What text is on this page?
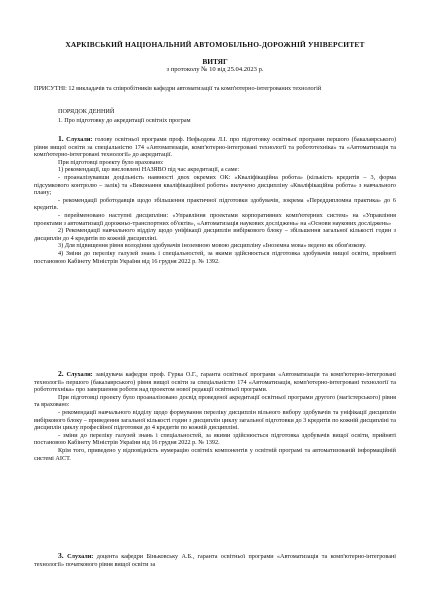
ХАРКІВСЬКИЙ НАЦІОНАЛЬНИЙ АВТОМОБІЛЬНО-ДОРОЖНІЙ УНІВЕРСИТЕТ
ВИТЯГ
з протоколу № 10 від 25.04.2023 р.

ПРИСУТНІ: 12 викладачів та співробітників кафедри автоматизації та комп'ютерно-інтегрованих технологій

ПОРЯДОК ДЕННИЙ

1. Про підготовку до акредитації освітніх програм

1. Слухали: голову освітньої програми проф. Нефьодова Л.І. про підготовку освітньої програми першого (бакалаврського) рівня вищої освіти за спеціальністю 174 «Автоматизація, комп'ютерно-інтегровані технології та робототехніка» та «Автоматизація та комп'ютерно-інтегровані технології» до акредитації.

При підготовці проекту було враховано:

1) рекомендації, що висловлені НАЗЯВО під час акредитації, а саме:

- проаналізувавши доцільність наявності двох окремих ОК: «Кваліфікаційна робота» (кількість кредитів – 3, форма підсумкового контролю – залік) та «Виконання кваліфікаційної роботи» вилучено дисципліну «Кваліфікаційна робота» з навчального плану;

- рекомендації роботодавців щодо збільшення практичної підготовки здобувачів, зокрема «Переддипломна практика» до 6 кредитів.

- перейменовано наступні дисципліни: «Управління проектами корпоративних комп'ютерних систем» на «Управління проектами з автоматизації дорожньо-транспортних об'єктів», «Автоматизація наукових досліджень» на «Основи наукових досліджень»

2) Рекомендації навчального відділу щодо уніфікації дисциплін вибіркового блоку – збільшення загальної кількості годин з дисциплін до 4 кредитів по кожній дисципліні.

3) Для підвищення рівня володіння здобувачів іноземною мовою дисципліну «Іноземна мова» ведено як обов'язкову.

4) Зміни до переліку галузей знань і спеціальностей, за якими здійснюється підготовка здобувачів вищої освіти, прийняті постановою Кабінету Міністрів України від 16 грудня 2022 р. № 1392.

2. Слухали: завідувача кафедри проф. Гурка О.Г., гаранта освітньої програми «Автоматизація та комп'ютерно-інтегровані технології» першого (бакалаврського) рівня вищої освіти за спеціальністю 174 «Автоматизація, комп'ютерно-інтегровані технології та робототехніка» про завершення роботи над проектом нової редакції освітньої програми.

При підготовці проекту було проаналізовано досвід проведеної акредитації освітньої програми другого (магістерського) рівня та враховано:

- рекомендації навчального відділу щодо формування переліку дисциплін вільного вибору здобувачів та уніфікації дисциплін вибіркового блоку – приведення загальної кількості годин з дисциплін циклу загальної підготовки до 3 кредитів по кожній дисципліні та дисциплін циклу професійної підготовки до 4 кредитів по кожній дисципліні.

- зміни до переліку галузей знань і спеціальностей, за якими здійснюється підготовка здобувачів вищої освіти, прийняті постановою Кабінету Міністрів України від 16 грудня 2022 р. № 1392.

Крім того, приведено у відповідність нумерацію освітніх компонентів у освітній програмі та автоматизованій інформаційній системі АІСТ.

3. Слухали: доцента кафедри Біньковську А.Б., гаранта освітньої програми «Автоматизація та комп'ютерно-інтегровані технології» початкового рівня вищої освіти за
